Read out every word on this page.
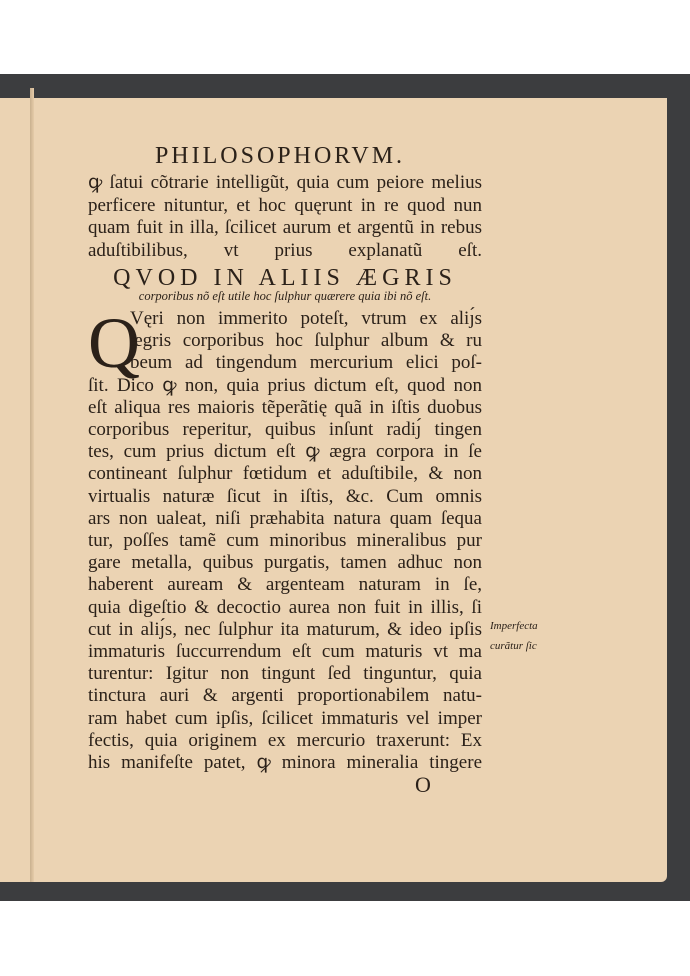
PHILOSOPHORVM.
ꝙ ſatui cõtrarie intelligũt, quia cum peiore melius
perficere nituntur, et hoc quęrunt in re quod nun
quam fuit in illa, ſcilicet aurum et argentũ in rebus
aduſtibilibus, vt prius explanatũ eſt.
QVOD IN ALIIS ÆGRIS
corporibus nõ eſt utile hoc ſulphur quærere quia ibi nõ eſt.
Q
Vęri non immerito poteſt, vtrum ex aliȷ́s
ægris corporibus hoc ſulphur album & ru
beum ad tingendum mercurium elici poſ-
ſit. Dico ꝙ non, quia prius dictum eſt, quod non
eſt aliqua res maioris tẽperãtię quã in iſtis duobus
corporibus reperitur, quibus inſunt radiȷ́ tingen
tes, cum prius dictum eſt ꝙ ægra corpora in ſe
contineant ſulphur fœtidum et aduſtibile, & non
virtualis naturæ ſicut in iſtis, &c. Cum omnis
ars non ualeat, niſi præhabita natura quam ſequa
tur, poſſes tamẽ cum minoribus mineralibus pur
gare metalla, quibus purgatis, tamen adhuc non
haberent auream & argenteam naturam in ſe,
quia digeſtio & decoctio aurea non fuit in illis, ſi
cut in aliȷ́s, nec ſulphur ita maturum, & ideo ipſis
immaturis ſuccurrendum eſt cum maturis vt ma
turentur: Igitur non tingunt ſed tinguntur, quia
tinctura auri & argenti proportionabilem natu-
ram habet cum ipſis, ſcilicet immaturis vel imper
fectis, quia originem ex mercurio traxerunt: Ex
his manifeſte patet, ꝙ minora mineralia tingere
Imperfecta
curãtur ſic
O
